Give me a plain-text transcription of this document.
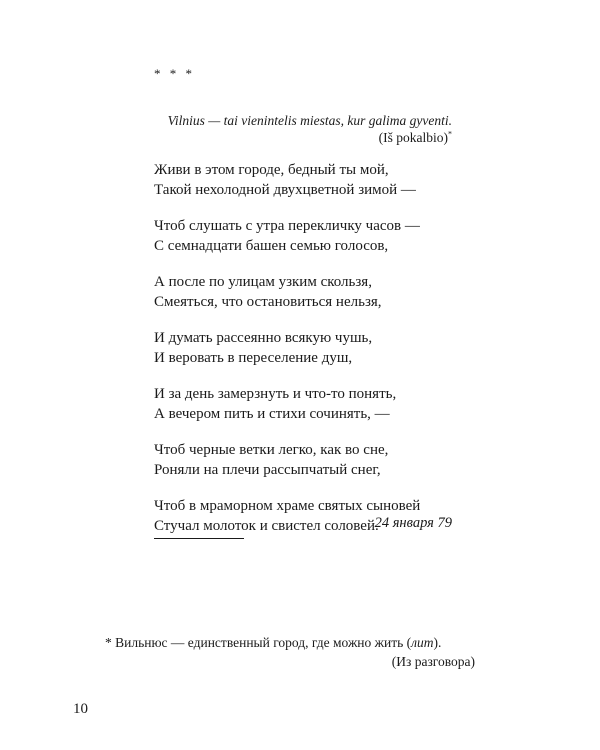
* * *
Vilnius — tai vienintelis miestas, kur galima gyventi.
(Iš pokalbio)*
Живи в этом городе, бедный ты мой,
Такой нехолодной двухцветной зимой —
Чтоб слушать с утра перекличку часов —
С семнадцати башен семью голосов,
А после по улицам узким скользя,
Смеяться, что остановиться нельзя,
И думать рассеянно всякую чушь,
И веровать в переселение душ,
И за день замерзнуть и что-то понять,
А вечером пить и стихи сочинять, —
Чтоб черные ветки легко, как во сне,
Роняли на плечи рассыпчатый снег,
Чтоб в мраморном храме святых сыновей
Стучал молоток и свистел соловей.
24 января 79
* Вильнюс — единственный город, где можно жить (лит).
(Из разговора)
10
